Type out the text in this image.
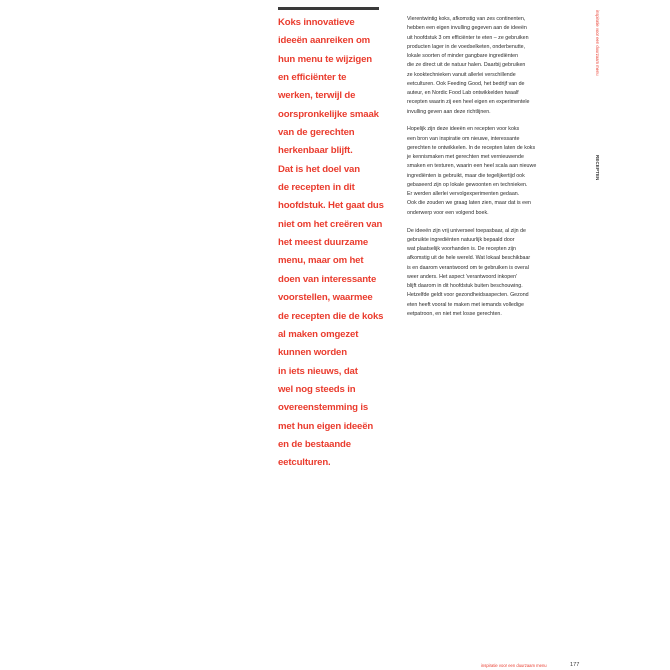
Koks innovatieve
ideeën aanreiken om
hun menu te wijzigen
en efficiënter te
werken, terwijl de
oorspronkelijke smaak
van de gerechten
herkenbaar blijft.
Dat is het doel van
de recepten in dit
hoofdstuk. Het gaat dus
niet om het creëren van
het meest duurzame
menu, maar om het
doen van interessante
voorstellen, waarmee
de recepten die de koks
al maken omgezet
kunnen worden
in iets nieuws, dat
wel nog steeds in
overeenstemming is
met hun eigen ideeën
en de bestaande
eetculturen.

Vierentwintig koks, afkomstig van zes continenten,
hebben een eigen invulling gegeven aan de ideeën
uit hoofdstuk 3 om efficiënter te eten – ze gebruiken
producten lager in de voedselketen, onderbenutte,
lokale soorten of minder gangbare ingrediënten
die ze direct uit de natuur halen. Daarbij gebruiken
ze kooktechnieken vanuit allerlei verschillende
eetculturen. Ook Feeding Good, het bedrijf van de
auteur, en Nordic Food Lab ontwikkelden twaalf
recepten waarin zij een heel eigen en experimentele
invulling geven aan deze richtlijnen.

Hopelijk zijn deze ideeën en recepten voor koks
een bron van inspiratie om nieuwe, interessante
gerechten te ontwikkelen. In de recepten laten de koks
je kennismaken met gerechten met vernieuwende
smaken en texturen, waarin een heel scala aan nieuwe
ingrediënten is gebruikt, maar die tegelijkertijd ook
gebaseerd zijn op lokale gewoonten en technieken.
Er werden allerlei vervolgexperimenten gedaan.
Ook die zouden we graag laten zien, maar dat is een
onderwerp voor een volgend boek.

De ideeën zijn vrij universeel toepasbaar, al zijn de
gebruikte ingrediënten natuurlijk bepaald door
wat plaatselijk voorhanden is. De recepten zijn
afkomstig uit de hele wereld. Wat lokaal beschikbaar
is en daarom verantwoord om te gebruiken is overal
weer anders. Het aspect 'verantwoord inkopen'
blijft daarom in dit hoofdstuk buiten beschouwing.
Hetzelfde geldt voor gezondheidsaspecten. Gezond
eten heeft vooral te maken met iemands volledige
eetpatroon, en niet met losse gerechten.

inspiratie voor een duurzaam menu
RECEPTEN
inspiratie voor een duurzaam menu	177
